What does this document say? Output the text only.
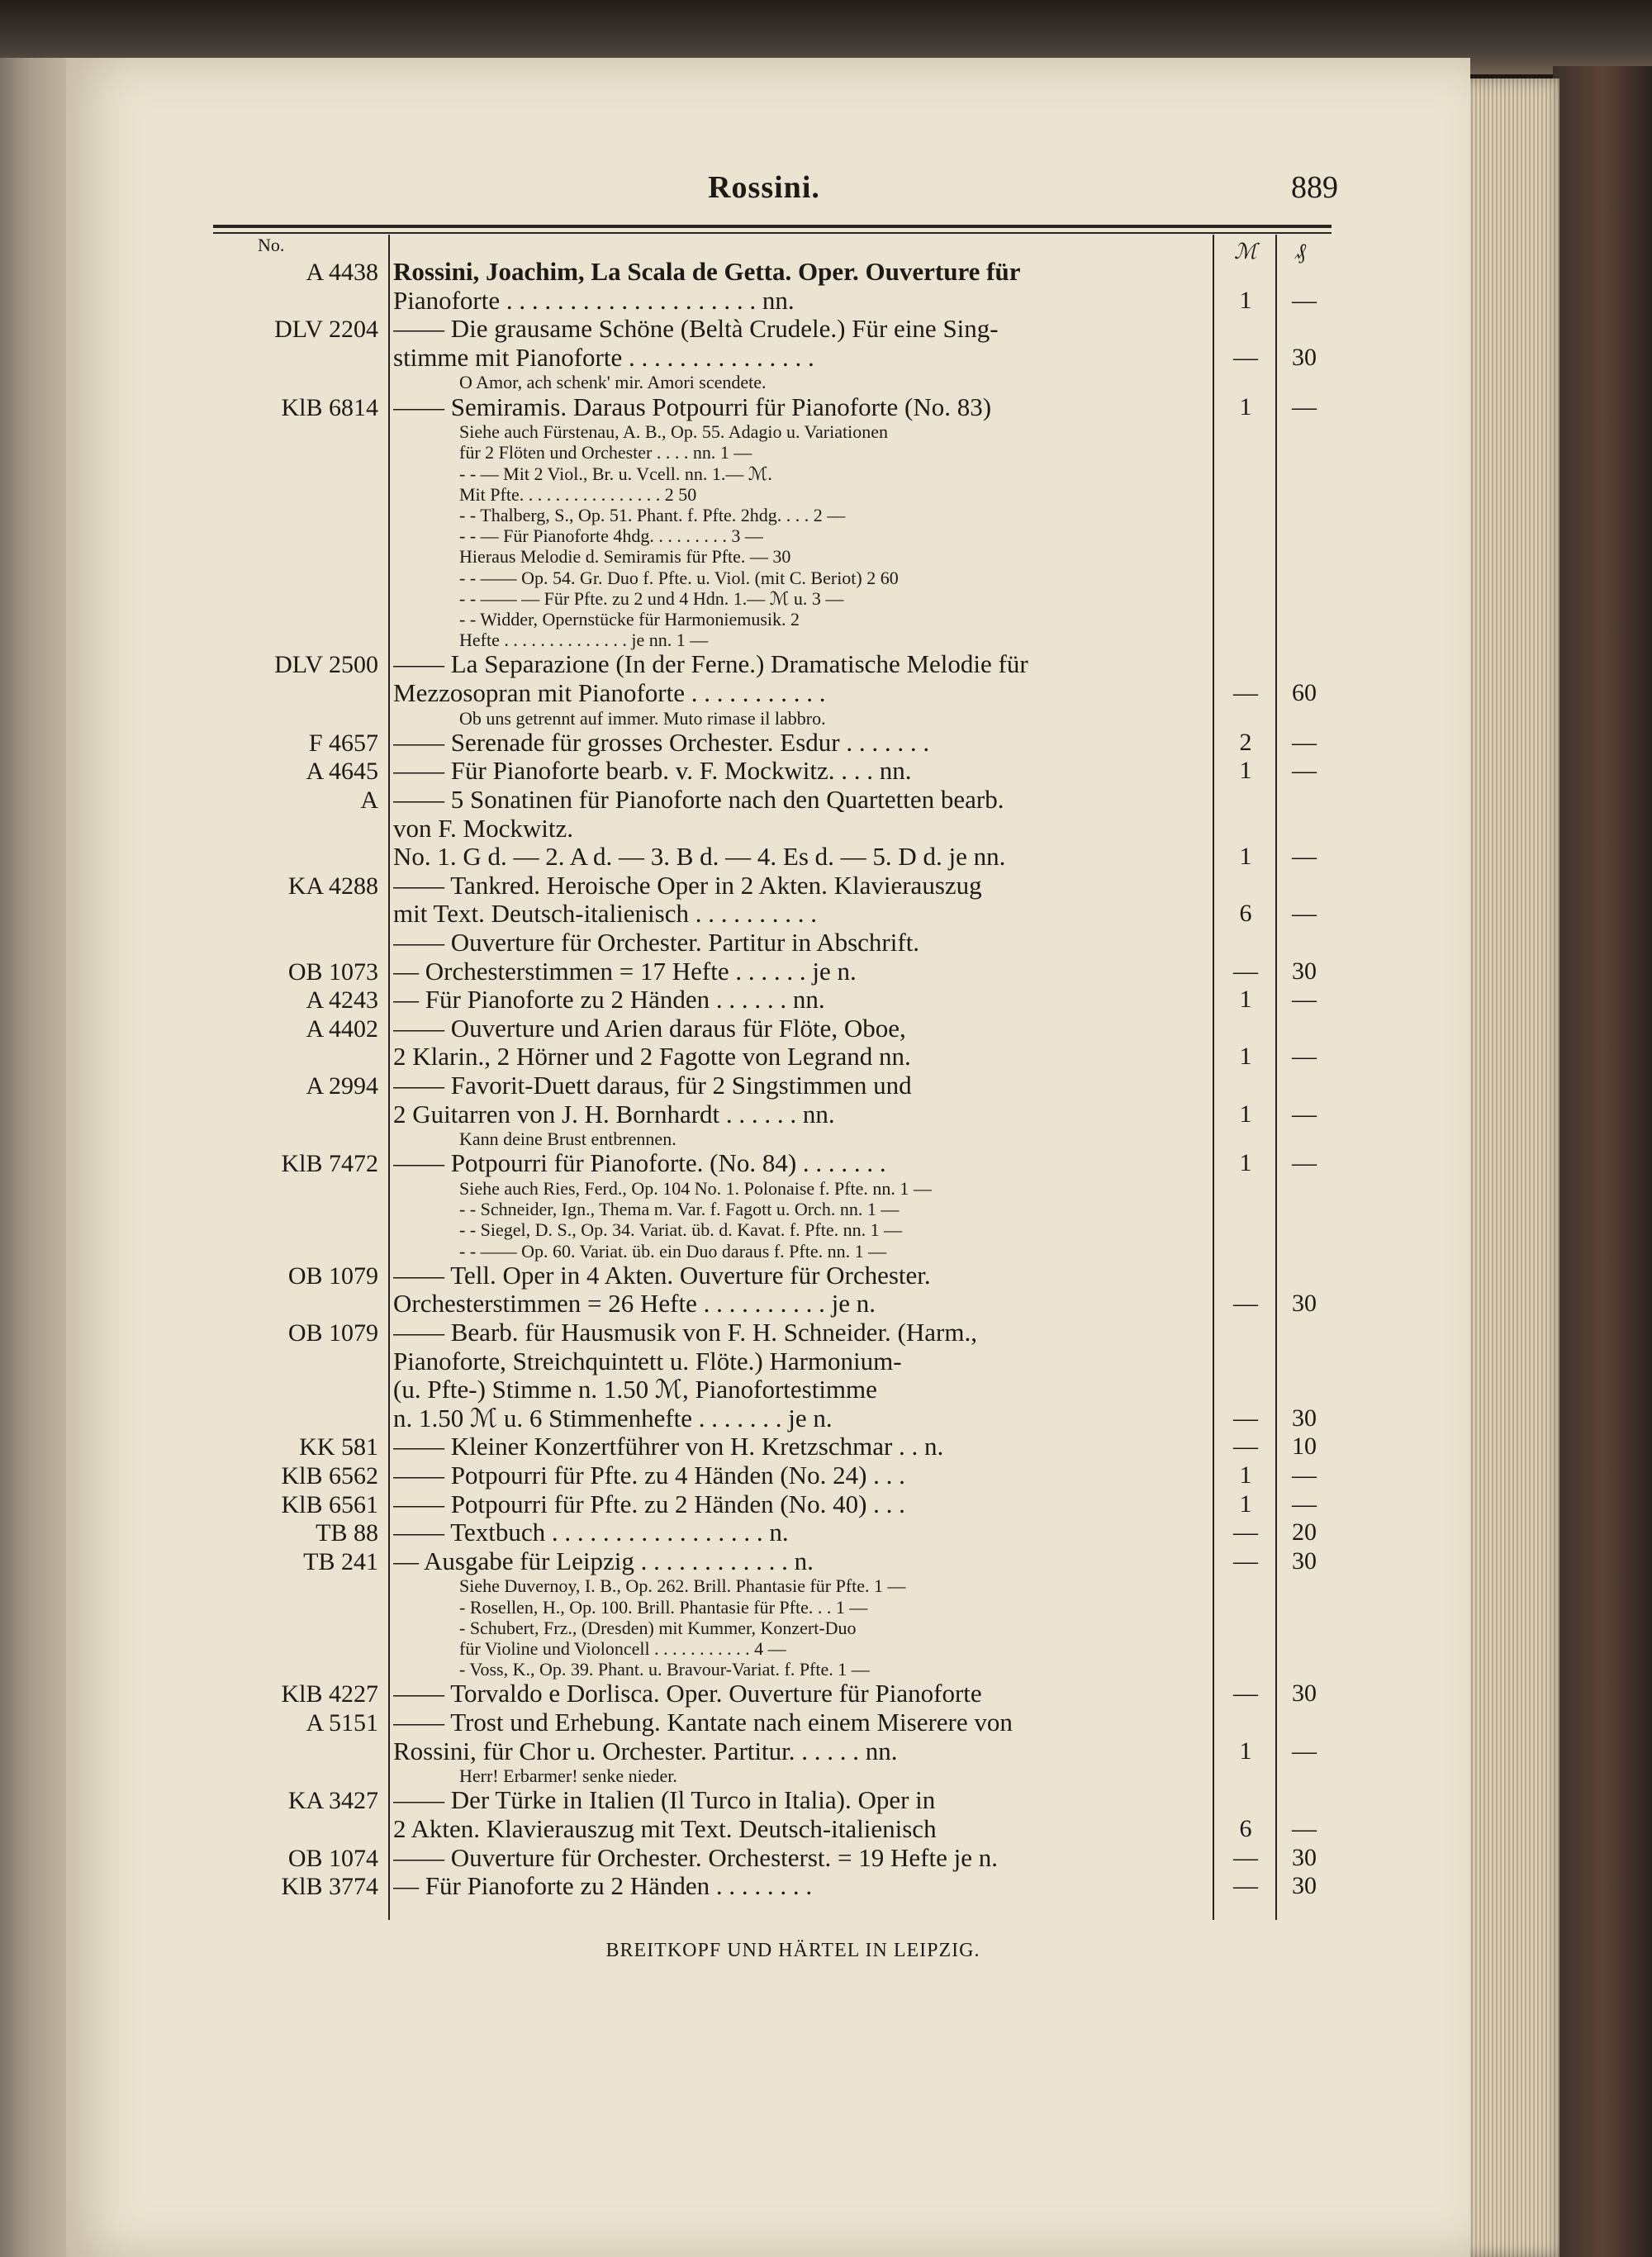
Rossini.	889
No.	ℳ ₰
A 4438 Rossini, Joachim, La Scala de Getta. Oper. Ouverture für
Pianoforte . . . . . . . . . . . . . . . . . . . . nn.	1	—
DLV 2204 —— Die grausame Schöne (Beltà Crudele.) Für eine Sing-
stimme mit Pianoforte . . . . . . . . . . . . . . .	—	30
O Amor, ach schenk' mir. Amori scendete.
KlB 6814 —— Semiramis. Daraus Potpourri für Pianoforte (No. 83)	1	—
Siehe auch Fürstenau, A. B., Op. 55. Adagio u. Variationen
für 2 Flöten und Orchester . . . . nn. 1 —
- - — Mit 2 Viol., Br. u. Vcell. nn. 1.— ℳ.
Mit Pfte. . . . . . . . . . . . . . . . 2 50
- - Thalberg, S., Op. 51. Phant. f. Pfte. 2hdg. . . . 2 —
- - — Für Pianoforte 4hdg. . . . . . . . . 3 —
Hieraus Melodie d. Semiramis für Pfte. — 30
- - —— Op. 54. Gr. Duo f. Pfte. u. Viol. (mit C. Beriot) 2 60
- - —— — Für Pfte. zu 2 und 4 Hdn. 1.— ℳ u. 3 —
- - Widder, Opernstücke für Harmoniemusik. 2
Hefte . . . . . . . . . . . . . . je nn. 1 —
DLV 2500 —— La Separazione (In der Ferne.) Dramatische Melodie für
Mezzosopran mit Pianoforte . . . . . . . . . . .	—	60
Ob uns getrennt auf immer. Muto rimase il labbro.
F 4657 —— Serenade für grosses Orchester. Esdur . . . . . . .	2	—
A 4645 —— Für Pianoforte bearb. v. F. Mockwitz. . . . nn.	1	—
A —— 5 Sonatinen für Pianoforte nach den Quartetten bearb.
von F. Mockwitz.
No. 1. G d. — 2. A d. — 3. B d. — 4. Es d. — 5. D d. je nn.	1	—
KA 4288 —— Tankred. Heroische Oper in 2 Akten. Klavierauszug
mit Text. Deutsch-italienisch . . . . . . . . . .	6	—
—— Ouverture für Orchester. Partitur in Abschrift.
OB 1073 — Orchesterstimmen = 17 Hefte . . . . . . je n.	—	30
A 4243 — Für Pianoforte zu 2 Händen . . . . . . nn.	1	—
A 4402 —— Ouverture und Arien daraus für Flöte, Oboe,
2 Klarin., 2 Hörner und 2 Fagotte von Legrand nn.	1	—
A 2994 —— Favorit-Duett daraus, für 2 Singstimmen und
2 Guitarren von J. H. Bornhardt . . . . . . nn.	1	—
Kann deine Brust entbrennen.
KlB 7472 —— Potpourri für Pianoforte. (No. 84) . . . . . . .	1	—
Siehe auch Ries, Ferd., Op. 104 No. 1. Polonaise f. Pfte. nn. 1 —
- - Schneider, Ign., Thema m. Var. f. Fagott u. Orch. nn. 1 —
- - Siegel, D. S., Op. 34. Variat. üb. d. Kavat. f. Pfte. nn. 1 —
- - —— Op. 60. Variat. üb. ein Duo daraus f. Pfte. nn. 1 —
OB 1079 —— Tell. Oper in 4 Akten. Ouverture für Orchester.
Orchesterstimmen = 26 Hefte . . . . . . . . . . je n.	—	30
OB 1079 —— Bearb. für Hausmusik von F. H. Schneider. (Harm.,
Pianoforte, Streichquintett u. Flöte.) Harmonium-
(u. Pfte-) Stimme n. 1.50 ℳ, Pianofortestimme
n. 1.50 ℳ u. 6 Stimmenhefte . . . . . . . je n.	—	30
KK 581 —— Kleiner Konzertführer von H. Kretzschmar . . n.	—	10
KlB 6562 —— Potpourri für Pfte. zu 4 Händen (No. 24) . . .	1	—
KlB 6561 —— Potpourri für Pfte. zu 2 Händen (No. 40) . . .	1	—
TB 88 —— Textbuch . . . . . . . . . . . . . . . . . n.	—	20
TB 241 — Ausgabe für Leipzig . . . . . . . . . . . . n.	—	30
Siehe Duvernoy, I. B., Op. 262. Brill. Phantasie für Pfte. 1 —
- Rosellen, H., Op. 100. Brill. Phantasie für Pfte. . . 1 —
- Schubert, Frz., (Dresden) mit Kummer, Konzert-Duo
für Violine und Violoncell . . . . . . . . . . . 4 —
- Voss, K., Op. 39. Phant. u. Bravour-Variat. f. Pfte. 1 —
KlB 4227 —— Torvaldo e Dorlisca. Oper. Ouverture für Pianoforte	—	30
A 5151 —— Trost und Erhebung. Kantate nach einem Miserere von
Rossini, für Chor u. Orchester. Partitur. . . . . . nn.	1	—
Herr! Erbarmer! senke nieder.
KA 3427 —— Der Türke in Italien (Il Turco in Italia). Oper in
2 Akten. Klavierauszug mit Text. Deutsch-italienisch	6	—
OB 1074 —— Ouverture für Orchester. Orchesterst. = 19 Hefte je n.	—	30
KlB 3774 — Für Pianoforte zu 2 Händen . . . . . . . .	—	30
BREITKOPF UND HÄRTEL IN LEIPZIG.
